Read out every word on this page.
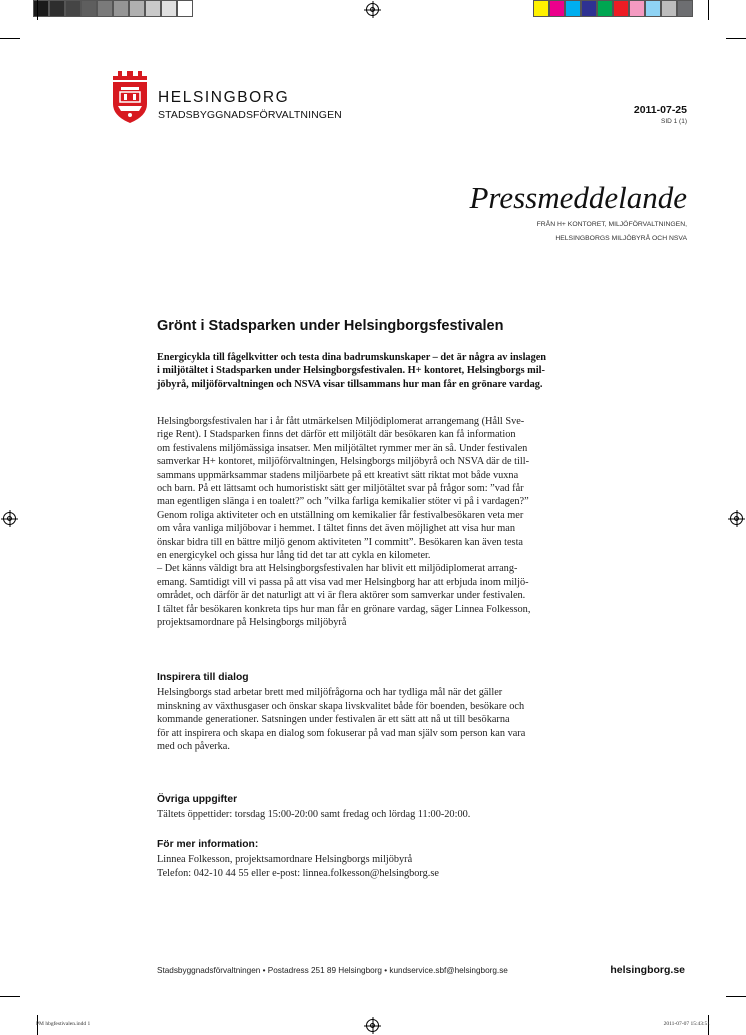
HELSINGBORG
STADSBYGGNADSFÖRVALTNINGEN	2011-07-25
SID 1 (1)
Pressmeddelande
FRÅN H+ KONTORET, MILJÖFÖRVALTNINGEN,
HELSINGBORGS MILJÖBYRÅ OCH NSVA
Grönt i Stadsparken under Helsingborgsfestivalen
Energicykla till fågelkvitter och testa dina badrumskunskaper – det är några av inslagen
i miljötältet i Stadsparken under Helsingborgsfestivalen. H+ kontoret, Helsingborgs mil-
jöbyrå, miljöförvaltningen och NSVA visar tillsammans hur man får en grönare vardag.
Helsingborgsfestivalen har i år fått utmärkelsen Miljödiplomerat arrangemang (Håll Sve-
rige Rent). I Stadsparken finns det därför ett miljötält där besökaren kan få information
om festivalens miljömässiga insatser. Men miljötältet rymmer mer än så. Under festivalen
samverkar H+ kontoret, miljöförvaltningen, Helsingborgs miljöbyrå och NSVA där de till-
sammans uppmärksammar stadens miljöarbete på ett kreativt sätt riktat mot både vuxna
och barn. På ett lättsamt och humoristiskt sätt ger miljötältet svar på frågor som: ”vad får
man egentligen slänga i en toalett?” och ”vilka farliga kemikalier stöter vi på i vardagen?”
Genom roliga aktiviteter och en utställning om kemikalier får festivalbesökaren veta mer
om våra vanliga miljöbovar i hemmet. I tältet finns det även möjlighet att visa hur man
önskar bidra till en bättre miljö genom aktiviteten ”I committ”. Besökaren kan även testa
en energicykel och gissa hur lång tid det tar att cykla en kilometer.
– Det känns väldigt bra att Helsingborgsfestivalen har blivit ett miljödiplomerat arrang-
emang. Samtidigt vill vi passa på att visa vad mer Helsingborg har att erbjuda inom miljö-
området, och därför är det naturligt att vi är flera aktörer som samverkar under festivalen.
I tältet får besökaren konkreta tips hur man får en grönare vardag, säger Linnea Folkesson,
projektsamordnare på Helsingborgs miljöbyrå
Inspirera till dialog
Helsingborgs stad arbetar brett med miljöfrågorna och har tydliga mål när det gäller
minskning av växthusgaser och önskar skapa livskvalitet både för boenden, besökare och
kommande generationer. Satsningen under festivalen är ett sätt att nå ut till besökarna
för att inspirera och skapa en dialog som fokuserar på vad man själv som person kan vara
med och påverka.
Övriga uppgifter
Tältets öppettider: torsdag 15:00-20:00 samt fredag och lördag 11:00-20:00.
För mer information:
Linnea Folkesson, projektsamordnare Helsingborgs miljöbyrå
Telefon: 042-10 44 55 eller e-post: linnea.folkesson@helsingborg.se
Stadsbyggnadsförvaltningen • Postadress 251 89 Helsingborg • kundservice.sbf@helsingborg.se	helsingborg.se
PM hbgfestivalen.indd 1	2011-07-07 15:43:51
